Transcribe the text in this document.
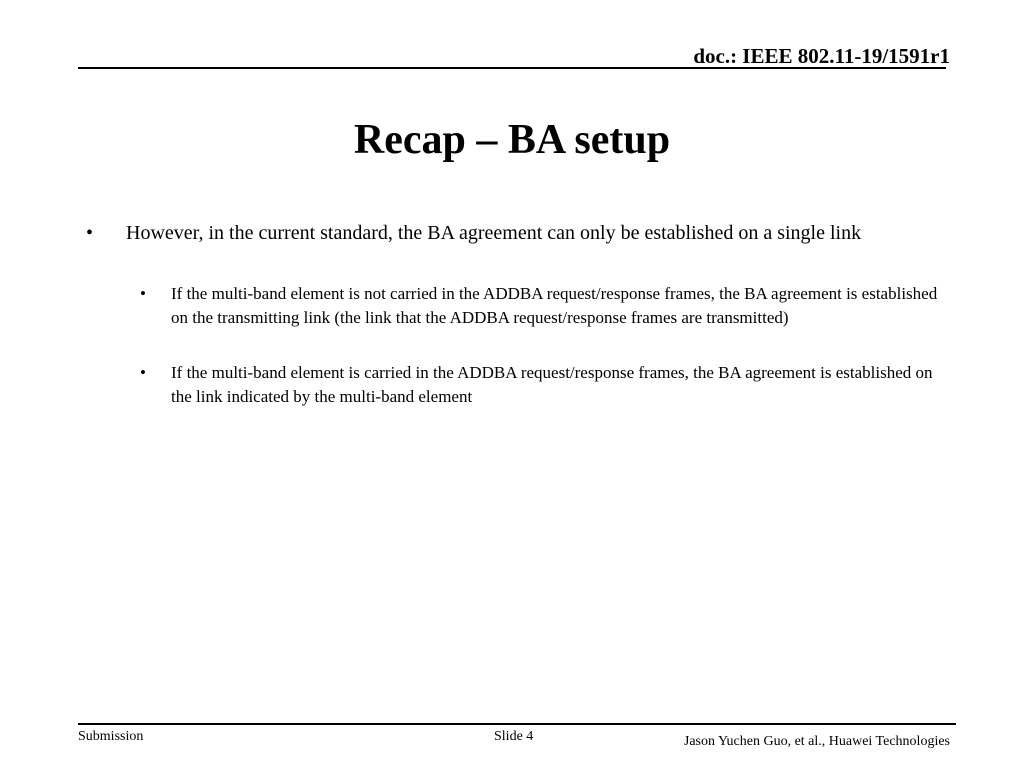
doc.: IEEE 802.11-19/1591r1
Recap – BA setup
• However, in the current standard, the BA agreement can only be established on a single link
• If the multi-band element is not carried in the ADDBA request/response frames, the BA agreement is established on the transmitting link (the link that the ADDBA request/response frames are transmitted)
• If the multi-band element is carried in the ADDBA request/response frames, the BA agreement is established on the link indicated by the multi-band element
Submission	Slide 4	Jason Yuchen Guo, et al., Huawei Technologies
